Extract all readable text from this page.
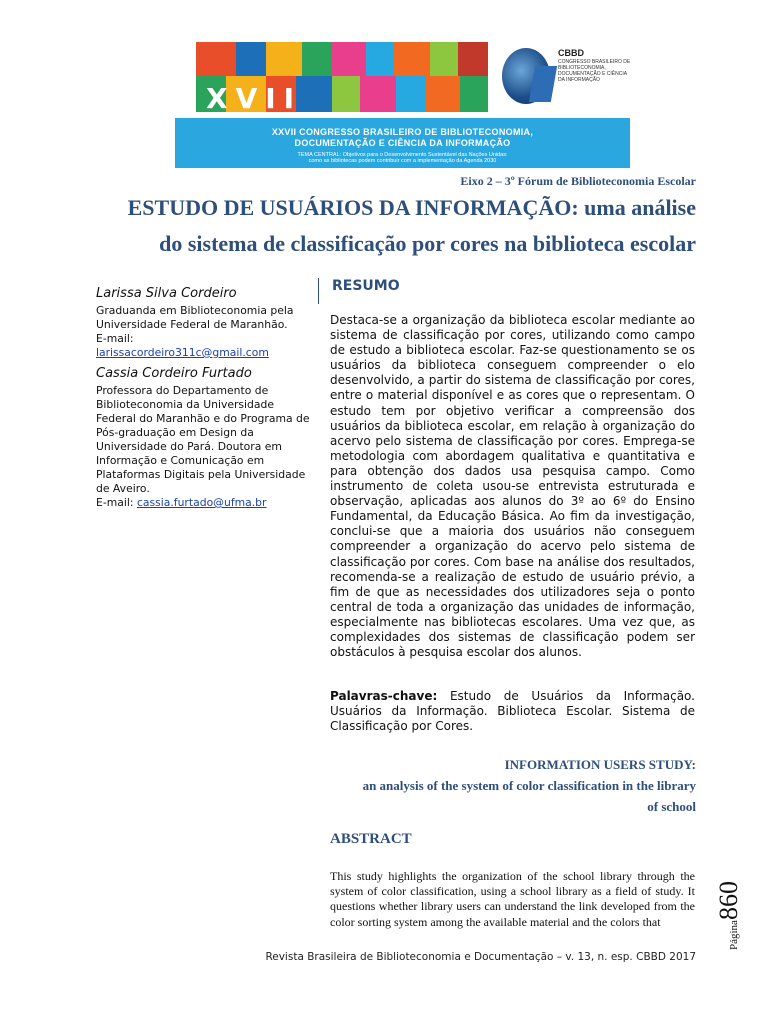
XVII
CBBD
CONGRESSO BRASILEIRO DE BIBLIOTECONOMIA, DOCUMENTAÇÃO E CIÊNCIA DA INFORMAÇÃO
XXVII CONGRESSO BRASILEIRO DE BIBLIOTECONOMIA,
DOCUMENTAÇÃO E CIÊNCIA DA INFORMAÇÃO
TEMA CENTRAL: Objetivos para o Desenvolvimento Sustentável das Nações Unidas:
como as bibliotecas podem contribuir com a implementação da Agenda 2030
Eixo 2 – 3º Fórum de Biblioteconomia Escolar
ESTUDO DE USUÁRIOS DA INFORMAÇÃO: uma análise
do sistema de classificação por cores na biblioteca escolar
Larissa Silva Cordeiro
Graduanda em Biblioteconomia pela Universidade Federal de Maranhão.
E-mail:
larissacordeiro311c@gmail.com
Cassia Cordeiro Furtado
Professora do Departamento de Biblioteconomia da Universidade Federal do Maranhão e do Programa de Pós-graduação em Design da Universidade do Pará. Doutora em Informação e Comunicação em Plataformas Digitais pela Universidade de Aveiro.
E-mail: cassia.furtado@ufma.br
RESUMO
Destaca-se a organização da biblioteca escolar mediante ao sistema de classificação por cores, utilizando como campo de estudo a biblioteca escolar. Faz-se questionamento se os usuários da biblioteca conseguem compreender o elo desenvolvido, a partir do sistema de classificação por cores, entre o material disponível e as cores que o representam. O estudo tem por objetivo verificar a compreensão dos usuários da biblioteca escolar, em relação à organização do acervo pelo sistema de classificação por cores. Emprega-se metodologia com abordagem qualitativa e quantitativa e para obtenção dos dados usa pesquisa campo. Como instrumento de coleta usou-se entrevista estruturada e observação, aplicadas aos alunos do 3º ao 6º do Ensino Fundamental, da Educação Básica. Ao fim da investigação, conclui-se que a maioria dos usuários não conseguem compreender a organização do acervo pelo sistema de classificação por cores. Com base na análise dos resultados, recomenda-se a realização de estudo de usuário prévio, a fim de que as necessidades dos utilizadores seja o ponto central de toda a organização das unidades de informação, especialmente nas bibliotecas escolares. Uma vez que, as complexidades dos sistemas de classificação podem ser obstáculos à pesquisa escolar dos alunos.
Palavras-chave: Estudo de Usuários da Informação. Usuários da Informação. Biblioteca Escolar. Sistema de Classificação por Cores.
INFORMATION USERS STUDY:
an analysis of the system of color classification in the library
of school
ABSTRACT
This study highlights the organization of the school library through the system of color classification, using a school library as a field of study. It questions whether library users can understand the link developed from the color sorting system among the available material and the colors that
Revista Brasileira de Biblioteconomia e Documentação – v. 13, n. esp. CBBD 2017
Página860
